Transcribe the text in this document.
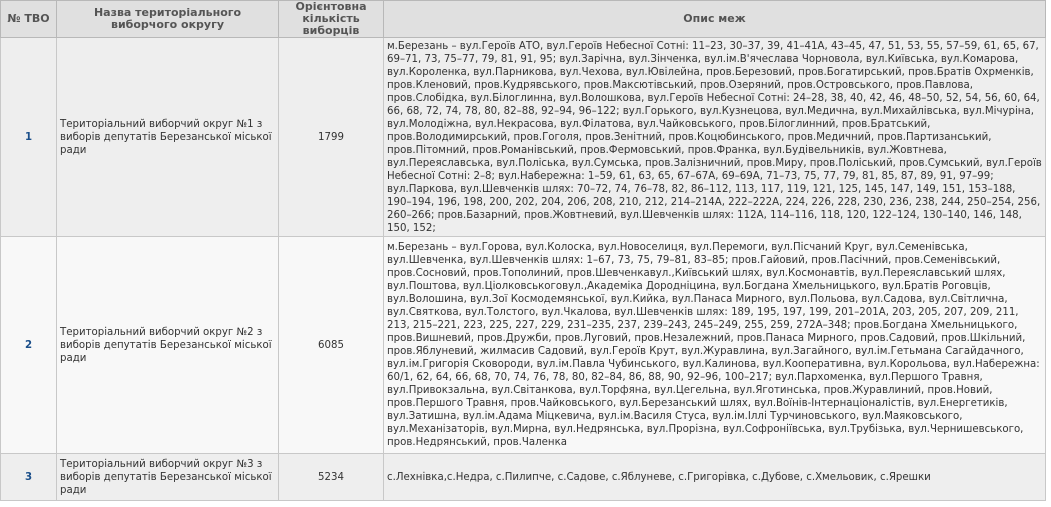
№ ТВО	Назва територіального виборчого округу	Орієнтовна кількість виборців	Опис меж
1	Територіальний виборчий округ №1 з виборів депутатів Березанської міської ради	1799	м.Березань – вул.Героїв АТО, вул.Героїв Небесної Сотні: 11–23, 30–37, 39, 41–41А, 43–45, 47, 51, 53, 55, 57–59, 61, 65, 67, 69–71, 73, 75–77, 79, 81, 91, 95; вул.Зарічна, вул.Зінченка, вул.ім.В'ячеслава Чорновола, вул.Київська, вул.Комарова, вул.Короленка, вул.Парникова, вул.Чехова, вул.Ювілейна, пров.Березовий, пров.Богатирський, пров.Братів Охрменків, пров.Кленовий, пров.Кудрявського, пров.Максютівський, пров.Озеряний, пров.Островського, пров.Павлова, пров.Слобідка, вул.Білоглинна, вул.Волошкова, вул.Героїв Небесної Сотні: 24–28, 38, 40, 42, 46, 48–50, 52, 54, 56, 60, 64, 66, 68, 72, 74, 78, 80, 82–88, 92–94, 96–122; вул.Горького, вул.Кузнецова, вул.Медична, вул.Михайлівська, вул.Мічуріна, вул.Молодіжна, вул.Некрасова, вул.Філатова, вул.Чайковського, пров.Білоглинний, пров.Братський, пров.Володимирський, пров.Гоголя, пров.Зенітний, пров.Коцюбинського, пров.Медичний, пров.Партизанський, пров.Пітомний, пров.Романівський, пров.Фермовський, пров.Франка, вул.Будівельників, вул.Жовтнева, вул.Переяславська, вул.Поліська, вул.Сумська, пров.Залізничний, пров.Миру, пров.Поліський, пров.Сумський, вул.Героїв Небесної Сотні: 2–8; вул.Набережна: 1–59, 61, 63, 65, 67–67А, 69–69А, 71–73, 75, 77, 79, 81, 85, 87, 89, 91, 97–99; вул.Паркова, вул.Шевченків шлях: 70–72, 74, 76–78, 82, 86–112, 113, 117, 119, 121, 125, 145, 147, 149, 151, 153–188, 190–194, 196, 198, 200, 202, 204, 206, 208, 210, 212, 214–214А, 222–222А, 224, 226, 228, 230, 236, 238, 244, 250–254, 256, 260–266; пров.Базарний, пров.Жовтневий, вул.Шевченків шлях: 112А, 114–116, 118, 120, 122–124, 130–140, 146, 148, 150, 152;
2	Територіальний виборчий округ №2 з виборів депутатів Березанської міської ради	6085	м.Березань – вул.Горова, вул.Колоска, вул.Новоселиця, вул.Перемоги, вул.Пісчаний Круг, вул.Семенівська, вул.Шевченка, вул.Шевченків шлях: 1–67, 73, 75, 79–81, 83–85; пров.Гайовий, пров.Пасічний, пров.Семенівський, пров.Сосновий, пров.Тополиний, пров.Шевченкавул.,Київський шлях, вул.Космонавтів, вул.Переяславський шлях, вул.Поштова, вул.Ціолковськоговул.,Академіка Дородніцина, вул.Богдана Хмельницького, вул.Братів Роговців, вул.Волошина, вул.Зої Космодемянської, вул.Кийка, вул.Панаса Мирного, вул.Польова, вул.Садова, вул.Світлична, вул.Святкова, вул.Толстого, вул.Чкалова, вул.Шевченків шлях: 189, 195, 197, 199, 201–201А, 203, 205, 207, 209, 211, 213, 215–221, 223, 225, 227, 229, 231–235, 237, 239–243, 245–249, 255, 259, 272А–348; пров.Богдана Хмельницького, пров.Вишневий, пров.Дружби, пров.Луговий, пров.Незалежний, пров.Панаса Мирного, пров.Садовий, пров.Шкільний, пров.Яблуневий, жилмасив Садовий, вул.Героїв Крут, вул.Журавлина, вул.Загайного, вул.ім.Гетьмана Сагайдачного, вул.ім.Григорія Сковороди, вул.ім.Павла Чубинського, вул.Калинова, вул.Кооперативна, вул.Корольова, вул.Набережна: 60/1, 62, 64, 66, 68, 70, 74, 76, 78, 80, 82–84, 86, 88, 90, 92–96, 100–217; вул.Пархоменка, вул.Першого Травня, вул.Привокзальна, вул.Світанкова, вул.Торфяна, вул.Цегельна, вул.Яготинська, пров.Журавлиний, пров.Новий, пров.Першого Травня, пров.Чайковського, вул.Березанський шлях, вул.Воїнів-Інтернаціоналістів, вул.Енергетиків, вул.Затишна, вул.ім.Адама Міцкевича, вул.ім.Василя Стуса, вул.ім.Іллі Турчиновського, вул.Маяковського, вул.Механізаторів, вул.Мирна, вул.Недрянська, вул.Прорізна, вул.Софроніївська, вул.Трубізька, вул.Чернишевського, пров.Недрянський, пров.Чаленка
3	Територіальний виборчий округ №3 з виборів депутатів Березанської міської ради	5234	с.Лехнівка,с.Недра, с.Пилипче, с.Садове, с.Яблуневе, с.Григорівка, с.Дубове, с.Хмельовик, с.Ярешки
